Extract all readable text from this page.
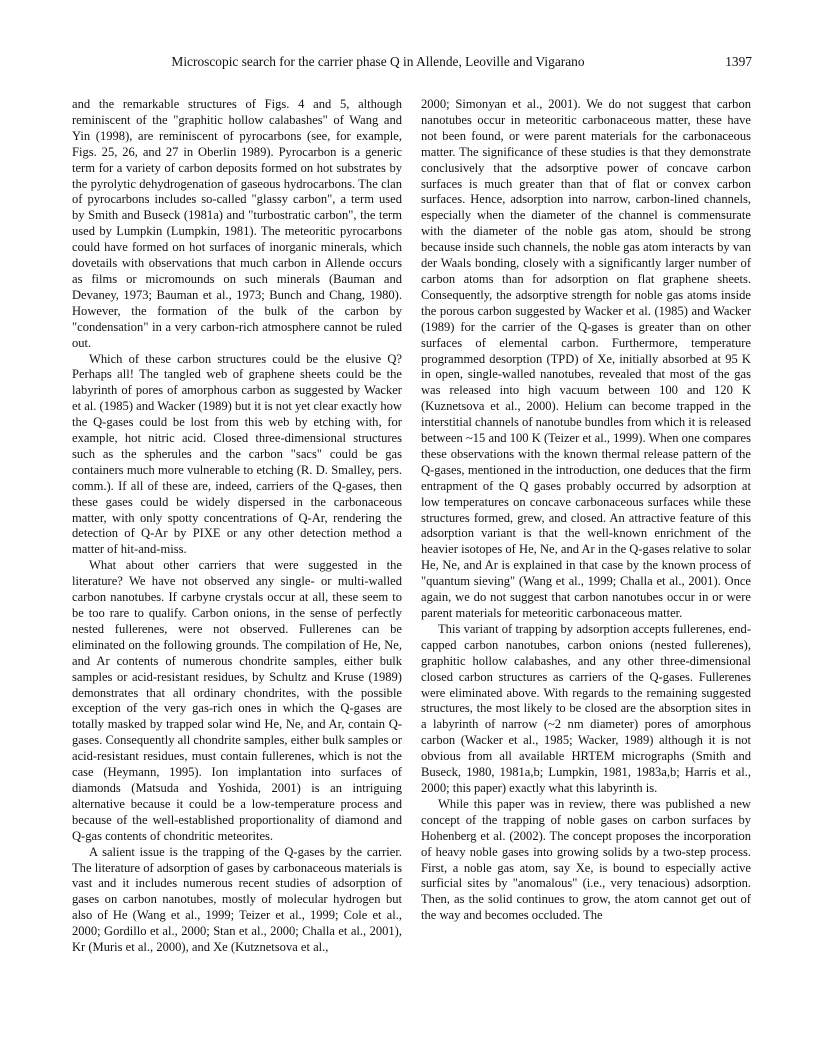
Microscopic search for the carrier phase Q in Allende, Leoville and Vigarano	1397

and the remarkable structures of Figs. 4 and 5, although reminiscent of the "graphitic hollow calabashes" of Wang and Yin (1998), are reminiscent of pyrocarbons (see, for example, Figs. 25, 26, and 27 in Oberlin 1989). Pyrocarbon is a generic term for a variety of carbon deposits formed on hot substrates by the pyrolytic dehydrogenation of gaseous hydrocarbons. The clan of pyrocarbons includes so-called "glassy carbon", a term used by Smith and Buseck (1981a) and "turbostratic carbon", the term used by Lumpkin (Lumpkin, 1981). The meteoritic pyrocarbons could have formed on hot surfaces of inorganic minerals, which dovetails with observations that much carbon in Allende occurs as films or micromounds on such minerals (Bauman and Devaney, 1973; Bauman et al., 1973; Bunch and Chang, 1980). However, the formation of the bulk of the carbon by "condensation" in a very carbon-rich atmosphere cannot be ruled out.

Which of these carbon structures could be the elusive Q? Perhaps all! The tangled web of graphene sheets could be the labyrinth of pores of amorphous carbon as suggested by Wacker et al. (1985) and Wacker (1989) but it is not yet clear exactly how the Q-gases could be lost from this web by etching with, for example, hot nitric acid. Closed three-dimensional structures such as the spherules and the carbon "sacs" could be gas containers much more vulnerable to etching (R. D. Smalley, pers. comm.). If all of these are, indeed, carriers of the Q-gases, then these gases could be widely dispersed in the carbonaceous matter, with only spotty concentrations of Q-Ar, rendering the detection of Q-Ar by PIXE or any other detection method a matter of hit-and-miss.

What about other carriers that were suggested in the literature? We have not observed any single- or multi-walled carbon nanotubes. If carbyne crystals occur at all, these seem to be too rare to qualify. Carbon onions, in the sense of perfectly nested fullerenes, were not observed. Fullerenes can be eliminated on the following grounds. The compilation of He, Ne, and Ar contents of numerous chondrite samples, either bulk samples or acid-resistant residues, by Schultz and Kruse (1989) demonstrates that all ordinary chondrites, with the possible exception of the very gas-rich ones in which the Q-gases are totally masked by trapped solar wind He, Ne, and Ar, contain Q-gases. Consequently all chondrite samples, either bulk samples or acid-resistant residues, must contain fullerenes, which is not the case (Heymann, 1995). Ion implantation into surfaces of diamonds (Matsuda and Yoshida, 2001) is an intriguing alternative because it could be a low-temperature process and because of the well-established proportionality of diamond and Q-gas contents of chondritic meteorites.

A salient issue is the trapping of the Q-gases by the carrier. The literature of adsorption of gases by carbonaceous materials is vast and it includes numerous recent studies of adsorption of gases on carbon nanotubes, mostly of molecular hydrogen but also of He (Wang et al., 1999; Teizer et al., 1999; Cole et al., 2000; Gordillo et al., 2000; Stan et al., 2000; Challa et al., 2001), Kr (Muris et al., 2000), and Xe (Kutznetsova et al.,

2000; Simonyan et al., 2001). We do not suggest that carbon nanotubes occur in meteoritic carbonaceous matter, these have not been found, or were parent materials for the carbonaceous matter. The significance of these studies is that they demonstrate conclusively that the adsorptive power of concave carbon surfaces is much greater than that of flat or convex carbon surfaces. Hence, adsorption into narrow, carbon-lined channels, especially when the diameter of the channel is commensurate with the diameter of the noble gas atom, should be strong because inside such channels, the noble gas atom interacts by van der Waals bonding, closely with a significantly larger number of carbon atoms than for adsorption on flat graphene sheets. Consequently, the adsorptive strength for noble gas atoms inside the porous carbon suggested by Wacker et al. (1985) and Wacker (1989) for the carrier of the Q-gases is greater than on other surfaces of elemental carbon. Furthermore, temperature programmed desorption (TPD) of Xe, initially absorbed at 95 K in open, single-walled nanotubes, revealed that most of the gas was released into high vacuum between 100 and 120 K (Kuznetsova et al., 2000). Helium can become trapped in the interstitial channels of nanotube bundles from which it is released between ~15 and 100 K (Teizer et al., 1999). When one compares these observations with the known thermal release pattern of the Q-gases, mentioned in the introduction, one deduces that the firm entrapment of the Q gases probably occurred by adsorption at low temperatures on concave carbonaceous surfaces while these structures formed, grew, and closed. An attractive feature of this adsorption variant is that the well-known enrichment of the heavier isotopes of He, Ne, and Ar in the Q-gases relative to solar He, Ne, and Ar is explained in that case by the known process of "quantum sieving" (Wang et al., 1999; Challa et al., 2001). Once again, we do not suggest that carbon nanotubes occur in or were parent materials for meteoritic carbonaceous matter.

This variant of trapping by adsorption accepts fullerenes, end-capped carbon nanotubes, carbon onions (nested fullerenes), graphitic hollow calabashes, and any other three-dimensional closed carbon structures as carriers of the Q-gases. Fullerenes were eliminated above. With regards to the remaining suggested structures, the most likely to be closed are the absorption sites in a labyrinth of narrow (~2 nm diameter) pores of amorphous carbon (Wacker et al., 1985; Wacker, 1989) although it is not obvious from all available HRTEM micrographs (Smith and Buseck, 1980, 1981a,b; Lumpkin, 1981, 1983a,b; Harris et al., 2000; this paper) exactly what this labyrinth is.

While this paper was in review, there was published a new concept of the trapping of noble gases on carbon surfaces by Hohenberg et al. (2002). The concept proposes the incorporation of heavy noble gases into growing solids by a two-step process. First, a noble gas atom, say Xe, is bound to especially active surficial sites by "anomalous" (i.e., very tenacious) adsorption. Then, as the solid continues to grow, the atom cannot get out of the way and becomes occluded. The
